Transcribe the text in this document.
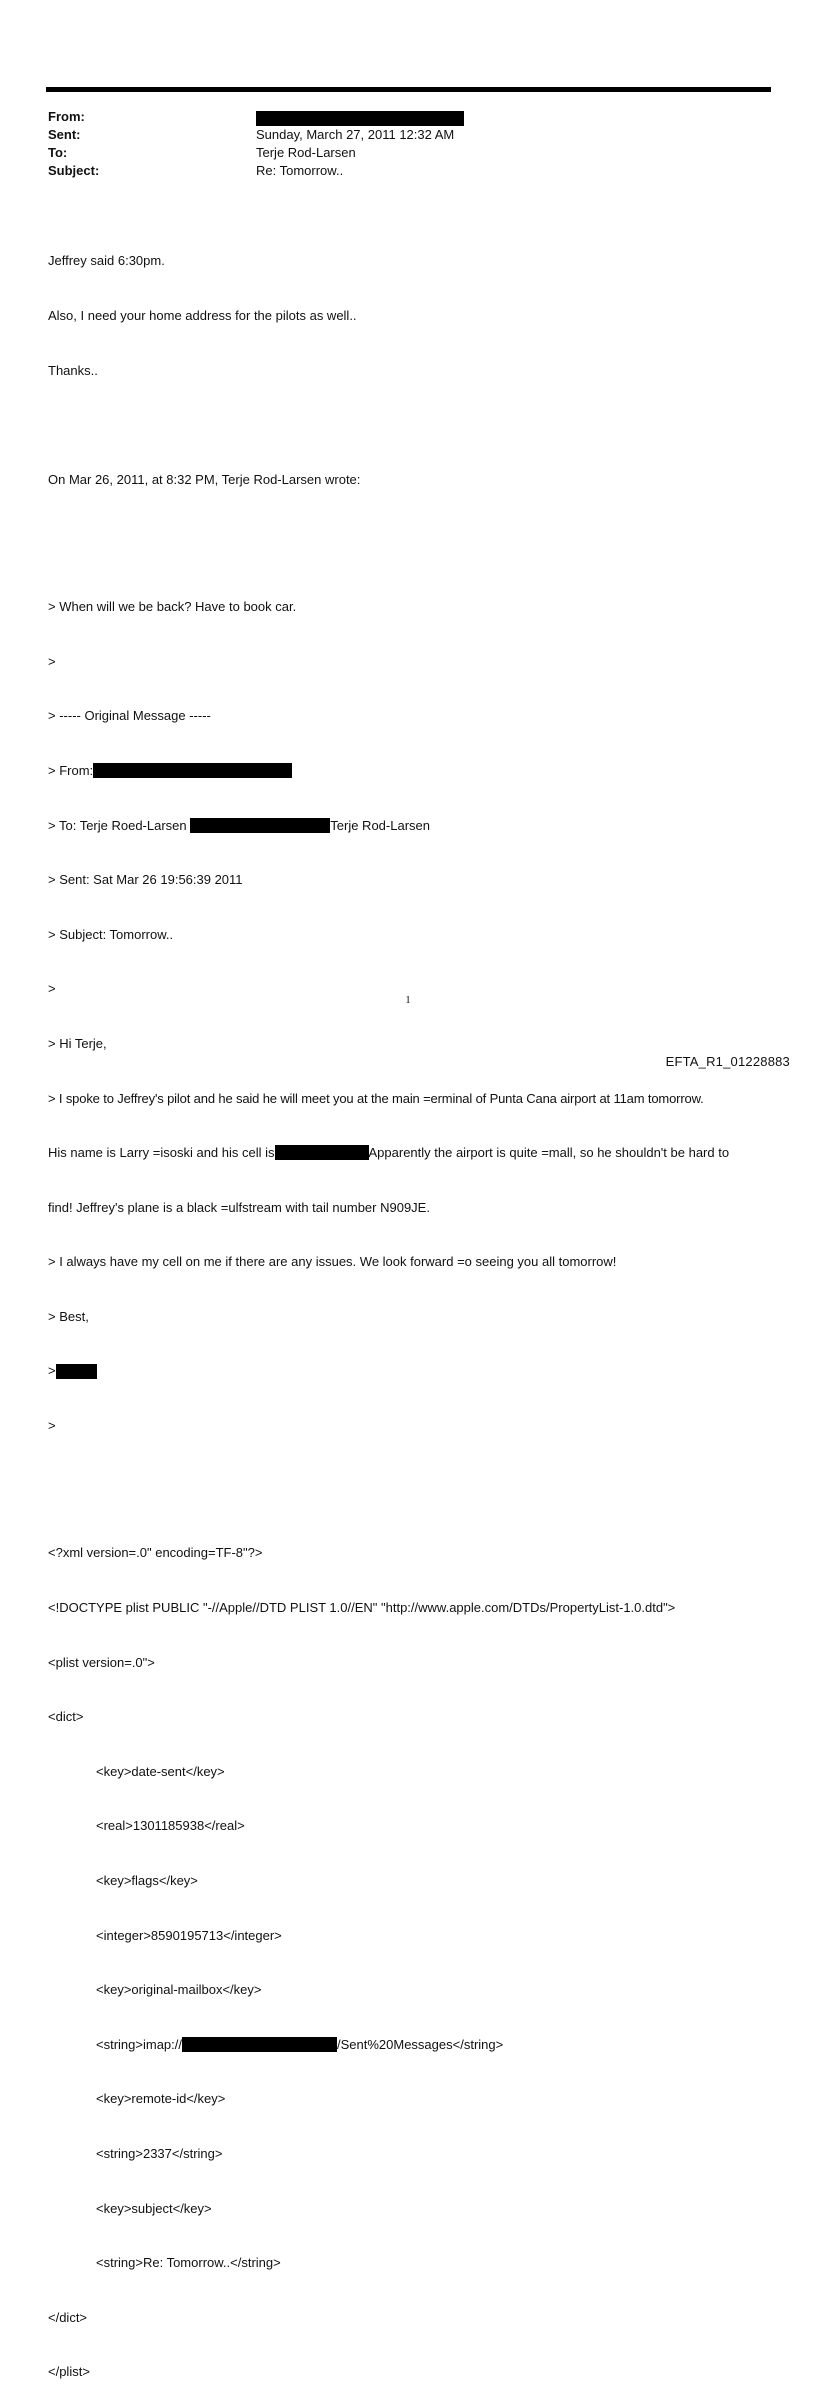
From:
Sent:	Sunday, March 27, 2011 12:32 AM
To:	Terje Rod-Larsen
Subject:	Re: Tomorrow..

Jeffrey said 6:30pm.

Also, I need your home address for the pilots as well..

Thanks..

On Mar 26, 2011, at 8:32 PM, Terje Rod-Larsen wrote:

> When will we be back? Have to book car.

>

> ----- Original Message -----

> From:

> To: Terje Roed-Larsen	Terje Rod-Larsen

> Sent: Sat Mar 26 19:56:39 2011

> Subject: Tomorrow..

>

> Hi Terje,

> I spoke to Jeffrey's pilot and he said he will meet you at the main =erminal of Punta Cana airport at 11am tomorrow.

His name is Larry =isoski and his cell is	Apparently the airport is quite =mall, so he shouldn't be hard to

find! Jeffrey's plane is a black =ulfstream with tail number N909JE.

> I always have my cell on me if there are any issues. We look forward =o seeing you all tomorrow!

> Best,

>

>

<?xml version=.0" encoding=TF-8"?>

<!DOCTYPE plist PUBLIC "-//Apple//DTD PLIST 1.0//EN" "http://www.apple.com/DTDs/PropertyList-1.0.dtd">

<plist version=.0">

<dict>

<key>date-sent</key>

<real>1301185938</real>

<key>flags</key>

<integer>8590195713</integer>

<key>original-mailbox</key>

<string>imap://	/Sent%20Messages</string>

<key>remote-id</key>

<string>2337</string>

<key>subject</key>

<string>Re: Tomorrow..</string>

</dict>

</plist>

1
EFTA_R1_01228883
